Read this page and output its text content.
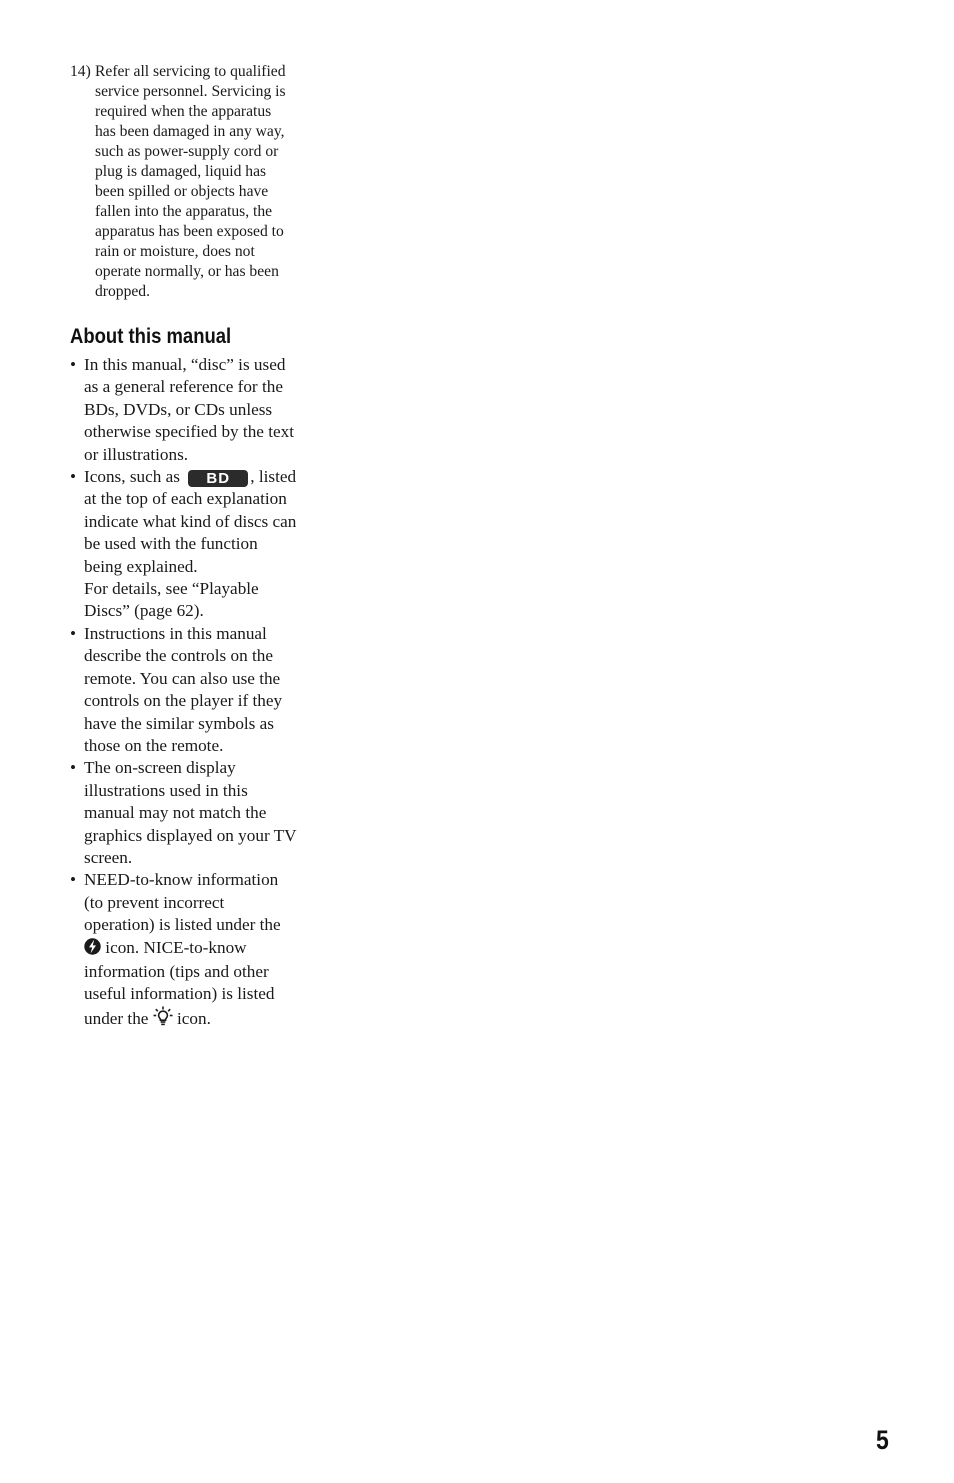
14) Refer all servicing to qualified
service personnel. Servicing is
required when the apparatus
has been damaged in any way,
such as power-supply cord or
plug is damaged, liquid has
been spilled or objects have
fallen into the apparatus, the
apparatus has been exposed to
rain or moisture, does not
operate normally, or has been
dropped.
About this manual
• In this manual, “disc” is used
as a general reference for the
BDs, DVDs, or CDs unless
otherwise specified by the text
or illustrations.
• Icons, such as BD , listed
at the top of each explanation
indicate what kind of discs can
be used with the function
being explained.
For details, see “Playable
Discs” (page 62).
• Instructions in this manual
describe the controls on the
remote. You can also use the
controls on the player if they
have the similar symbols as
those on the remote.
• The on-screen display
illustrations used in this
manual may not match the
graphics displayed on your TV
screen.
• NEED-to-know information
(to prevent incorrect
operation) is listed under the
icon. NICE-to-know
information (tips and other
useful information) is listed
under the  icon.
5
